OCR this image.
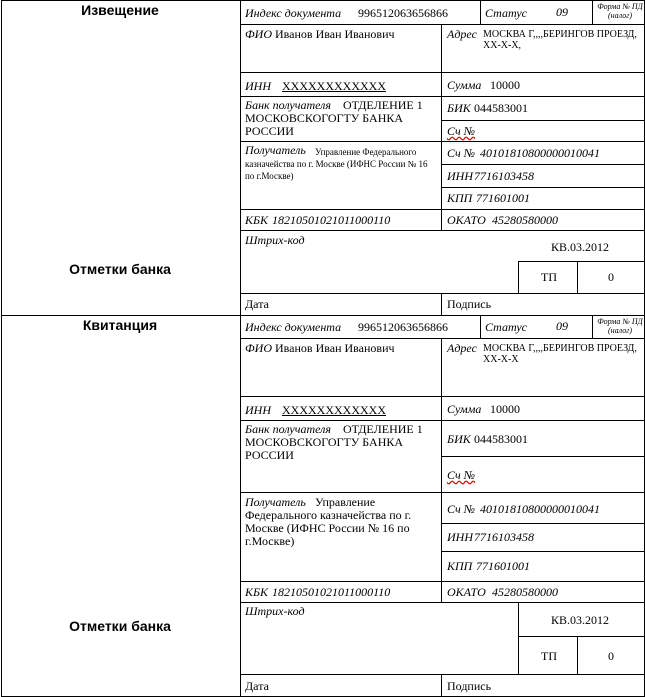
Извещение
Отметки банка
Индекс документа 996512063656866	Статус 09	Форма № ПД (налог)
ФИО Иванов Иван Иванович	Адрес МОСКВА Г,,,,БЕРИНГОВ ПРОЕЗД, ХХ-Х-Х,
ИНН ХХХХХХХХХХХХ	Сумма 10000
Банк получателя	ОТДЕЛЕНИЕ 1 МОСКОВСКОГОГТУ БАНКА РОССИИ
БИК 044583001
Сч №
Получатель	Управление Федерального казначейства по г. Москве (ИФНС России № 16 по г.Москве)
Сч № 40101810800000010041
ИНН 7716103458
КПП 771601001
КБК 18210501021011000110	ОКАТО 45280580000
Штрих-код	КВ.03.2012
ТП	0
Дата	Подпись
Квитанция
Отметки банка
Индекс документа 996512063656866	Статус 09	Форма № ПД (налог)
ФИО Иванов Иван Иванович	Адрес МОСКВА Г,,,,БЕРИНГОВ ПРОЕЗД, ХХ-Х-Х
ИНН ХХХХХХХХХХХХ	Сумма 10000
Банк получателя	ОТДЕЛЕНИЕ 1 МОСКОВСКОГОГТУ БАНКА РОССИИ
БИК 044583001
Сч №
Получатель Управление Федерального казначейства по г. Москве (ИФНС России № 16 по г.Москве)
Сч № 40101810800000010041
ИНН 7716103458
КПП 771601001
КБК 18210501021011000110	ОКАТО 45280580000
Штрих-код
КВ.03.2012
ТП	0
Дата	Подпись
